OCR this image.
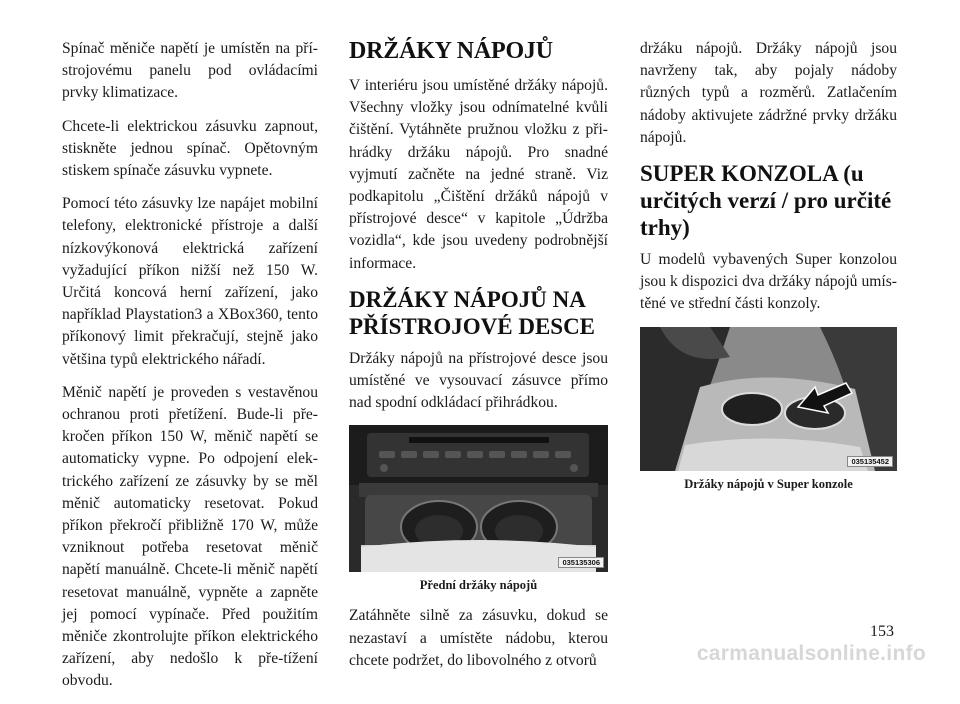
Spínač měniče napětí je umístěn na pří-strojovému panelu pod ovládacími prvky klimatizace.

Chcete-li elektrickou zásuvku zapnout, stiskněte jednou spínač. Opětovným stiskem spínače zásuvku vypnete.

Pomocí této zásuvky lze napájet mobilní telefony, elektronické přístroje a další nízkovýkonová elektrická zařízení vyžadující příkon nižší než 150 W. Určitá koncová herní zařízení, jako například Playstation3 a XBox360, tento příkonový limit překračují, stejně jako většina typů elektrického nářadí.

Měnič napětí je proveden s vestavěnou ochranou proti přetížení. Bude-li pře-kročen příkon 150 W, měnič napětí se automaticky vypne. Po odpojení elek-trického zařízení ze zásuvky by se měl měnič automaticky resetovat. Pokud příkon překročí přibližně 170 W, může vzniknout potřeba resetovat měnič napětí manuálně. Chcete-li měnič napětí resetovat manuálně, vypněte a zapněte jej pomocí vypínače. Před použitím měniče zkontrolujte příkon elektrického zařízení, aby nedošlo k pře-tížení obvodu.

DRŽÁKY NÁPOJŮ

V interiéru jsou umístěné držáky nápojů. Všechny vložky jsou odnímatelné kvůli čištění. Vytáhněte pružnou vložku z při-hrádky držáku nápojů. Pro snadné vyjmutí začněte na jedné straně. Viz podkapitolu „Čištění držáků nápojů v přístrojové desce“ v kapitole „Údržba vozidla“, kde jsou uvedeny podrobnější informace.

DRŽÁKY NÁPOJŮ NA PŘÍSTROJOVÉ DESCE

Držáky nápojů na přístrojové desce jsou umístěné ve vysouvací zásuvce přímo nad spodní odkládací přihrádkou.

035135306
Přední držáky nápojů

Zatáhněte silně za zásuvku, dokud se nezastaví a umístěte nádobu, kterou chcete podržet, do libovolného z otvorů

držáku nápojů. Držáky nápojů jsou navrženy tak, aby pojaly nádoby různých typů a rozměrů. Zatlačením nádoby aktivujete zádržné prvky držáku nápojů.

SUPER KONZOLA (u určitých verzí / pro určité trhy)

U modelů vybavených Super konzolou jsou k dispozici dva držáky nápojů umís-těné ve střední části konzoly.

035135452
Držáky nápojů v Super konzole
153
carmanualsonline.info
